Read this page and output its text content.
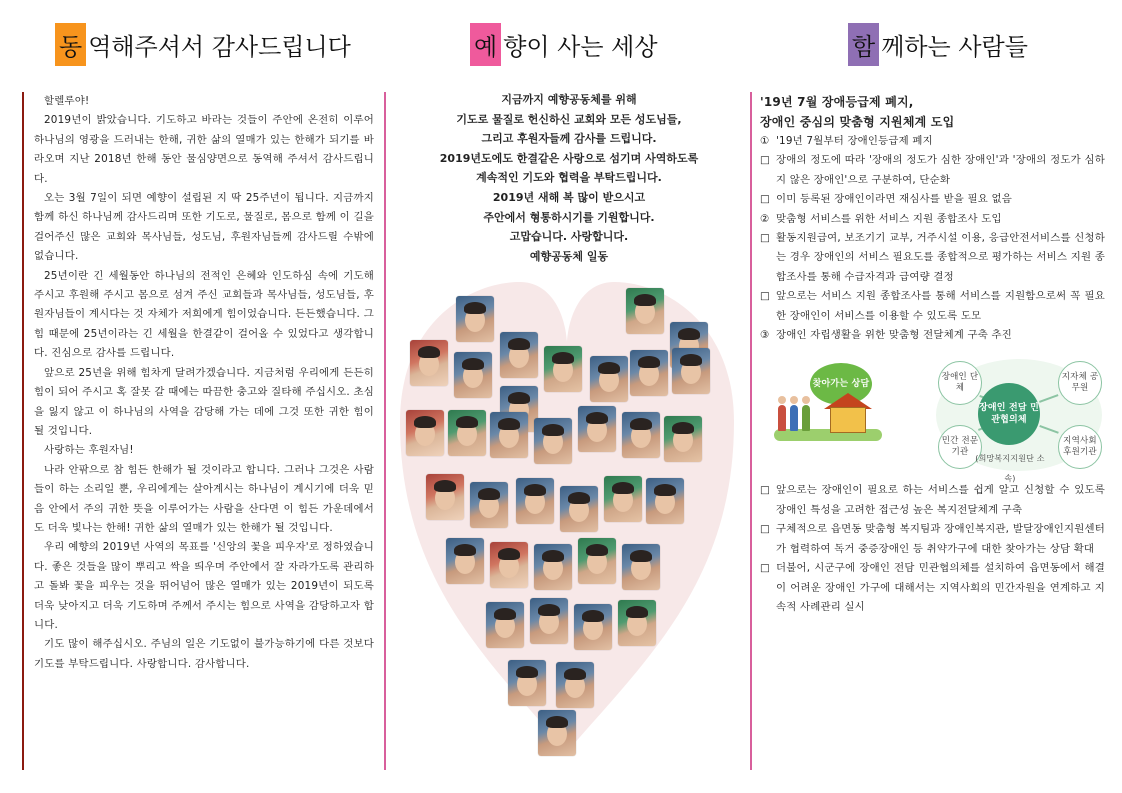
동 역해주셔서 감사드립니다	예 향이 사는 세상	함 께하는 사람들

할렐루야!

2019년이 밝았습니다. 기도하고 바라는 것들이 주안에 온전히 이루어 하나님의 영광을 드러내는 한해, 귀한 삶의 열매가 있는 한해가 되기를 바라오며 지난 2018년 한해 동안 물심양면으로 동역해 주셔서 감사드립니다.

오는 3월 7일이 되면 예향이 설립된 지 딱 25주년이 됩니다. 지금까지 함께 하신 하나님께 감사드리며 또한 기도로, 물질로, 몸으로 함께 이 길을 걸어주신 많은 교회와 목사님들, 성도님, 후원자님들께 감사드릴 수밖에 없습니다.

25년이란 긴 세월동안 하나님의 전적인 은혜와 인도하심 속에 기도해 주시고 후원해 주시고 몸으로 섬겨 주신 교회들과 목사님들, 성도님들, 후원자님들이 계시다는 것 자체가 저희에게 힘이었습니다. 든든했습니다. 그 힘 때문에 25년이라는 긴 세월을 한결같이 걸어올 수 있었다고 생각합니다. 진심으로 감사를 드립니다.

앞으로 25년을 위해 힘차게 달려가겠습니다. 지금처럼 우리에게 든든히 힘이 되어 주시고 혹 잘못 갈 때에는 따끔한 충고와 질타해 주십시오. 초심을 잃지 않고 이 하나님의 사역을 감당해 가는 데에 그것 또한 귀한 힘이 될 것입니다.

사랑하는 후원자님!

나라 안팎으로 참 힘든 한해가 될 것이라고 합니다. 그러나 그것은 사람들이 하는 소리일 뿐, 우리에게는 살아계시는 하나님이 계시기에 더욱 믿음 안에서 주의 귀한 뜻을 이루어가는 사람을 산다면 이 힘든 가운데에서도 더욱 빛나는 한해! 귀한 삶의 열매가 있는 한해가 될 것입니다.

우리 예향의 2019년 사역의 목표를 '신앙의 꽃을 피우자'로 정하였습니다. 좋은 것들을 많이 뿌리고 싹을 띄우며 주안에서 잘 자라가도록 관리하고 돌봐 꽃을 피우는 것을 뛰어넘어 많은 열매가 있는 2019년이 되도록 더욱 낮아지고 더욱 기도하며 주께서 주시는 힘으로 사역을 감당하고자 합니다.

기도 많이 해주십시오. 주님의 일은 기도없이 불가능하기에 다른 것보다 기도를 부탁드립니다. 사랑합니다. 감사합니다.

지금까지 예향공동체를 위해
기도로 물질로 헌신하신 교회와 모든 성도님들,
그리고 후원자들께 감사를 드립니다.
2019년도에도 한결같은 사랑으로 섬기며 사역하도록
계속적인 기도와 협력을 부탁드립니다.
2019년 새해 복 많이 받으시고
주안에서 형통하시기를 기원합니다.
고맙습니다. 사랑합니다.
예향공동체 일동

'19년 7월 장애등급제 폐지,

장애인 중심의 맞춤형 지원체계 도입

① '19년 7월부터 장애인등급제 폐지
□ 장애의 정도에 따라 '장애의 정도가 심한 장애인'과 '장애의 정도가 심하지 않은 장애인'으로 구분하여, 단순화
□ 이미 등록된 장애인이라면 재심사를 받을 필요 없음
② 맞춤형 서비스를 위한 서비스 지원 종합조사 도입
□ 활동지원급여, 보조기기 교부, 거주시설 이용, 응급안전서비스를 신청하는 경우 장애인의 서비스 필요도를 종합적으로 평가하는 서비스 지원 종합조사를 통해 수급자격과 급여량 결정
□ 앞으로는 서비스 지원 종합조사를 통해 서비스를 지원함으로써 꼭 필요한 장애인이 서비스를 이용할 수 있도록 도모
③ 장애인 자립생활을 위한 맞춤형 전달체계 구축 추진
찾아가는 상담
장애인 전담 민관협의체
장애인 단체
지자체 공무원
민간 전문기관
지역사회 후원기관
(희망복지지원단 소속)
□ 앞으로는 장애인이 필요로 하는 서비스를 쉽게 알고 신청할 수 있도록 장애인 특성을 고려한 접근성 높은 복지전달체계 구축
□ 구체적으로 읍면동 맞춤형 복지팀과 장애인복지관, 발달장애인지원센터가 협력하여 독거 중증장애인 등 취약가구에 대한 찾아가는 상담 확대
□ 더불어, 시군구에 장애인 전담 민관협의체를 설치하여 읍면동에서 해결이 어려운 장애인 가구에 대해서는 지역사회의 민간자원을 연계하고 지속적 사례관리 실시
